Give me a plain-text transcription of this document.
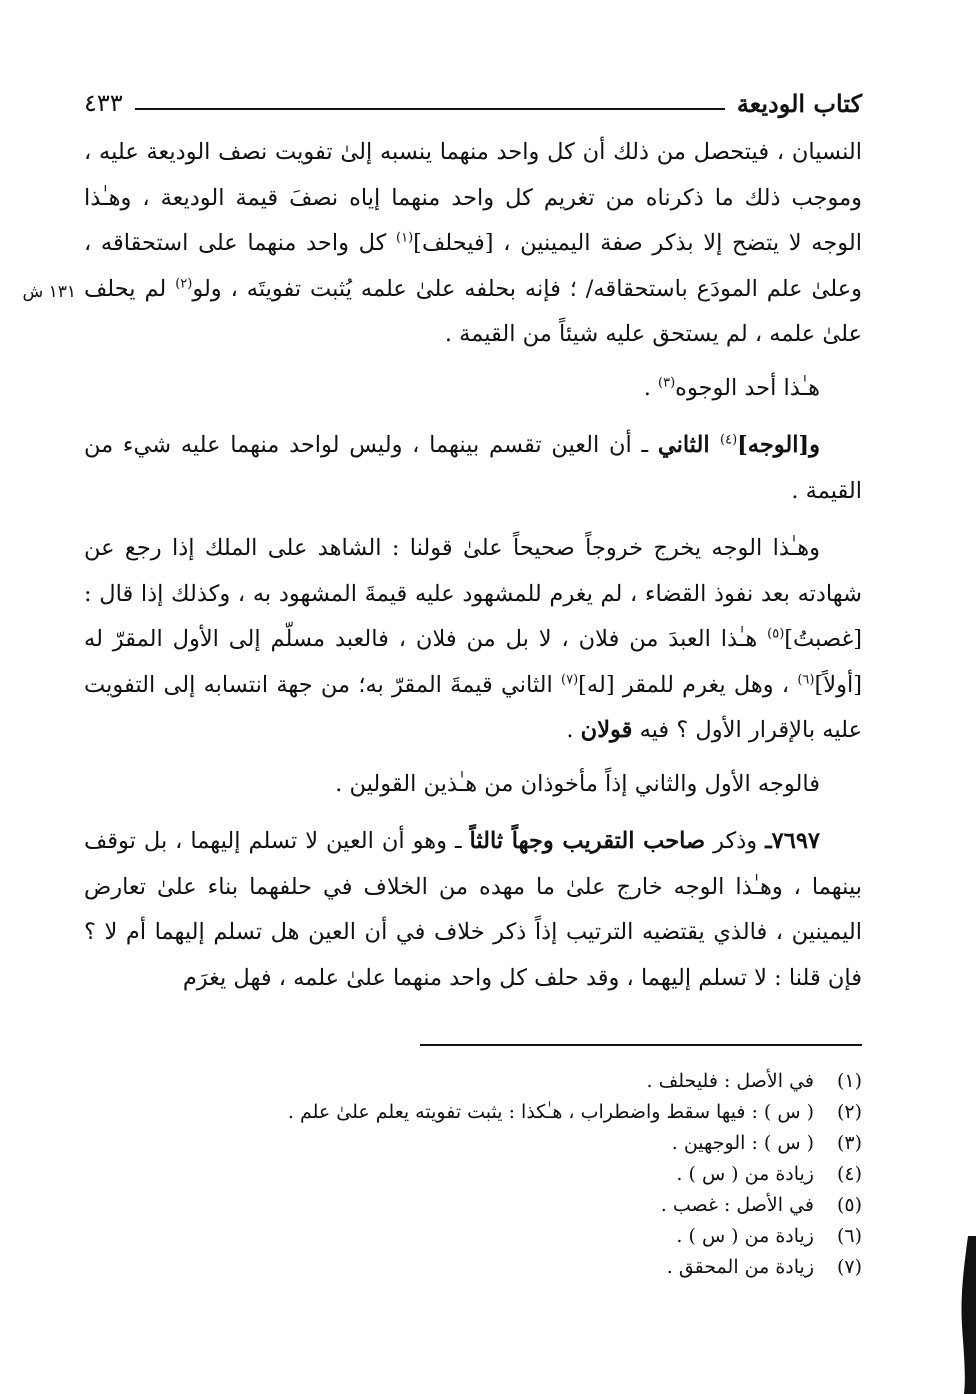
كتاب الوديعة
٤٣٣
١٣١ ش

النسيان ، فيتحصل من ذلك أن كل واحد منهما ينسبه إلىٰ تفويت نصف الوديعة عليه ، وموجب ذلك ما ذكرناه من تغريم كل واحد منهما إياه نصفَ قيمة الوديعة ، وهـٰذا الوجه لا يتضح إلا بذكر صفة اليمينين ، [فيحلف]$^{(١)}$ كل واحد منهما على استحقاقه ، وعلىٰ علم المودَع باستحقاقه/ ؛ فإنه بحلفه علىٰ علمه يُثبت تفويتَه ، ولو$^{(٢)}$ لم يحلف علىٰ علمه ، لم يستحق عليه شيئاً من القيمة .

هـٰذا أحد الوجوه$^{(٣)}$ .

و[الوجه]$^{(٤)}$ الثاني ـ أن العين تقسم بينهما ، وليس لواحد منهما عليه شيء من القيمة .

وهـٰذا الوجه يخرج خروجاً صحيحاً علىٰ قولنا : الشاهد على الملك إذا رجع عن شهادته بعد نفوذ القضاء ، لم يغرم للمشهود عليه قيمةَ المشهود به ، وكذلك إذا قال : [غصبتُ]$^{(٥)}$ هـٰذا العبدَ من فلان ، لا بل من فلان ، فالعبد مسلّم إلى الأول المقرّ له [أولاً]$^{(٦)}$ ، وهل يغرم للمقر [له]$^{(٧)}$ الثاني قيمةَ المقرّ به؛ من جهة انتسابه إلى التفويت عليه بالإقرار الأول ؟ فيه قولان .

فالوجه الأول والثاني إذاً مأخوذان من هـٰذين القولين .

٧٦٩٧ـ وذكر صاحب التقريب وجهاً ثالثاً ـ وهو أن العين لا تسلم إليهما ، بل توقف بينهما ، وهـٰذا الوجه خارج علىٰ ما مهده من الخلاف في حلفهما بناء علىٰ تعارض اليمينين ، فالذي يقتضيه الترتيب إذاً ذكر خلاف في أن العين هل تسلم إليهما أم لا ؟ فإن قلنا : لا تسلم إليهما ، وقد حلف كل واحد منهما علىٰ علمه ، فهل يغرَم

(١)
في الأصل : فليحلف .
(٢)
( س ) : فيها سقط واضطراب ، هـٰكذا : يثبت تفويته يعلم علىٰ علم .
(٣)
( س ) : الوجهين .
(٤)
زيادة من ( س ) .
(٥)
في الأصل : غصب .
(٦)
زيادة من ( س ) .
(٧)
زيادة من المحقق .
